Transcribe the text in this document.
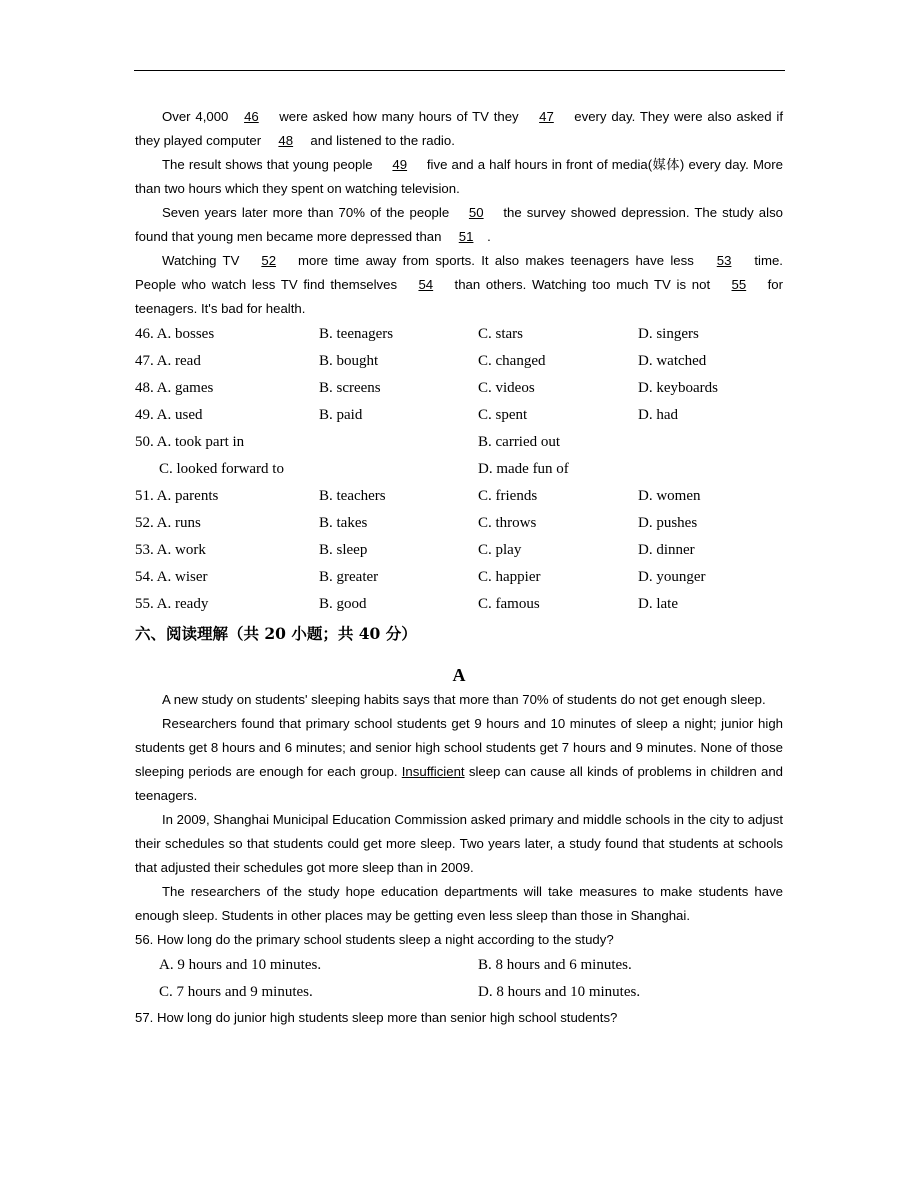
Over 4,000 46 were asked how many hours of TV they 47 every day. They were also asked if they played computer 48 and listened to the radio.

The result shows that young people 49 five and a half hours in front of media(媒体) every day. More than two hours which they spent on watching television.

Seven years later more than 70% of the people 50 the survey showed depression. The study also found that young men became more depressed than 51 .

Watching TV 52 more time away from sports. It also makes teenagers have less 53 time. People who watch less TV find themselves 54 than others. Watching too much TV is not 55 for teenagers. It's bad for health.

46. A. bosses	B. teenagers	C. stars	D. singers
47. A. read	B. bought	C. changed	D. watched
48. A. games	B. screens	C. videos	D. keyboards
49. A. used	B. paid	C. spent	D. had
50. A. took part in	B. carried out
C. looked forward to	D. made fun of
51. A. parents	B. teachers	C. friends	D. women
52. A. runs	B. takes	C. throws	D. pushes
53. A. work	B. sleep	C. play	D. dinner
54. A. wiser	B. greater	C. happier	D. younger
55. A. ready	B. good	C. famous	D. late
六、阅读理解（共 20 小题；共 40 分）
A

A new study on students' sleeping habits says that more than 70% of students do not get enough sleep.

Researchers found that primary school students get 9 hours and 10 minutes of sleep a night; junior high students get 8 hours and 6 minutes; and senior high school students get 7 hours and 9 minutes. None of those sleeping periods are enough for each group. Insufficient sleep can cause all kinds of problems in children and teenagers.

In 2009, Shanghai Municipal Education Commission asked primary and middle schools in the city to adjust their schedules so that students could get more sleep. Two years later, a study found that students at schools that adjusted their schedules got more sleep than in 2009.

The researchers of the study hope education departments will take measures to make students have enough sleep. Students in other places may be getting even less sleep than those in Shanghai.

56. How long do the primary school students sleep a night according to the study?

A. 9 hours and 10 minutes.	B. 8 hours and 6 minutes.
C. 7 hours and 9 minutes.	D. 8 hours and 10 minutes.

57. How long do junior high students sleep more than senior high school students?
